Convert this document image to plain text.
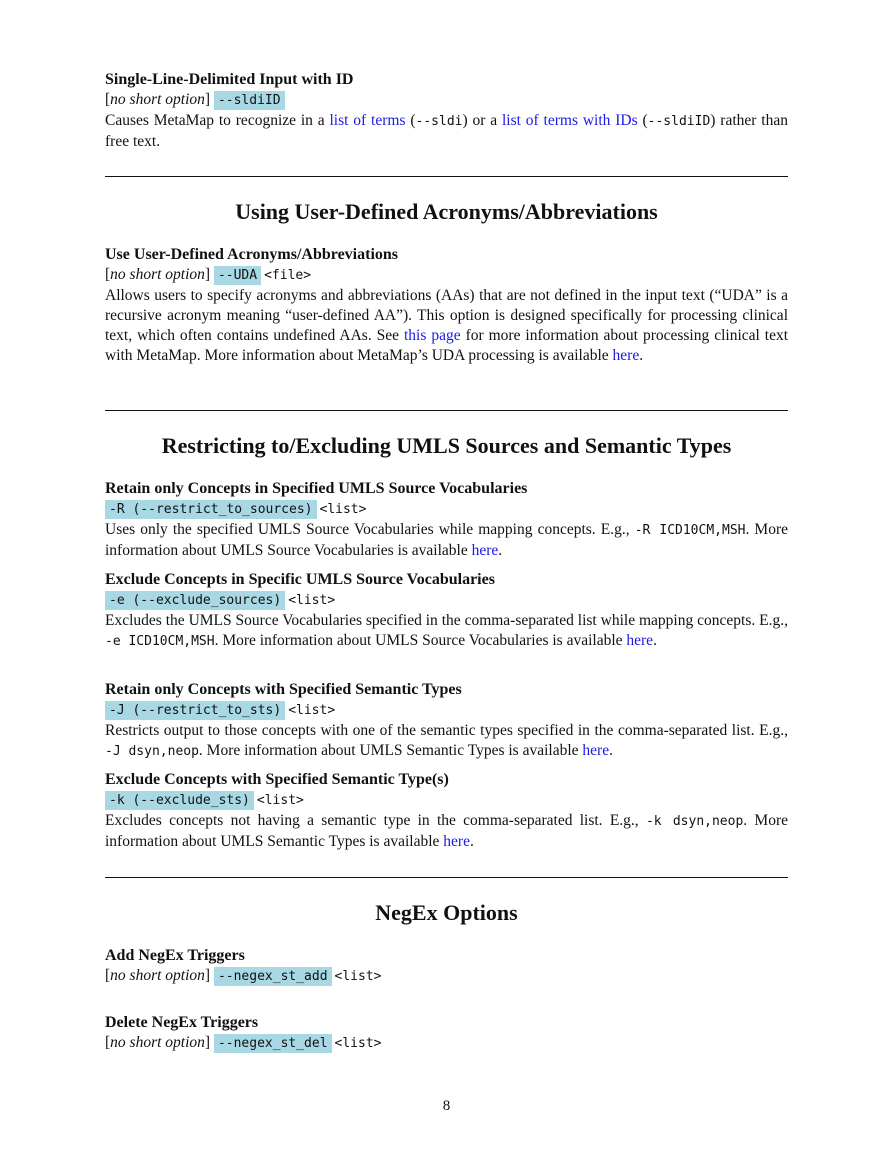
Single-Line-Delimited Input with ID

[no short option] --sldiID

Causes MetaMap to recognize in a list of terms (--sldi) or a list of terms with IDs (--sldiID) rather than free text.

Using User-Defined Acronyms/Abbreviations

Use User-Defined Acronyms/Abbreviations

[no short option] --UDA <file>

Allows users to specify acronyms and abbreviations (AAs) that are not defined in the input text (“UDA” is a recursive acronym meaning “user-defined AA”). This option is designed specifically for processing clinical text, which often contains undefined AAs. See this page for more information about processing clinical text with MetaMap. More information about MetaMap’s UDA processing is available here.

Restricting to/Excluding UMLS Sources and Semantic Types

Retain only Concepts in Specified UMLS Source Vocabularies

-R (--restrict_to_sources) <list>

Uses only the specified UMLS Source Vocabularies while mapping concepts. E.g., -R ICD10CM,MSH. More information about UMLS Source Vocabularies is available here.

Exclude Concepts in Specific UMLS Source Vocabularies

-e (--exclude_sources) <list>

Excludes the UMLS Source Vocabularies specified in the comma-separated list while mapping concepts. E.g., -e ICD10CM,MSH. More information about UMLS Source Vocabularies is available here.

Retain only Concepts with Specified Semantic Types

-J (--restrict_to_sts) <list>

Restricts output to those concepts with one of the semantic types specified in the comma-separated list. E.g., -J dsyn,neop. More information about UMLS Semantic Types is available here.

Exclude Concepts with Specified Semantic Type(s)

-k (--exclude_sts) <list>

Excludes concepts not having a semantic type in the comma-separated list. E.g., -k dsyn,neop. More information about UMLS Semantic Types is available here.

NegEx Options

Add NegEx Triggers

[no short option] --negex_st_add <list>

Delete NegEx Triggers

[no short option] --negex_st_del <list>

8
